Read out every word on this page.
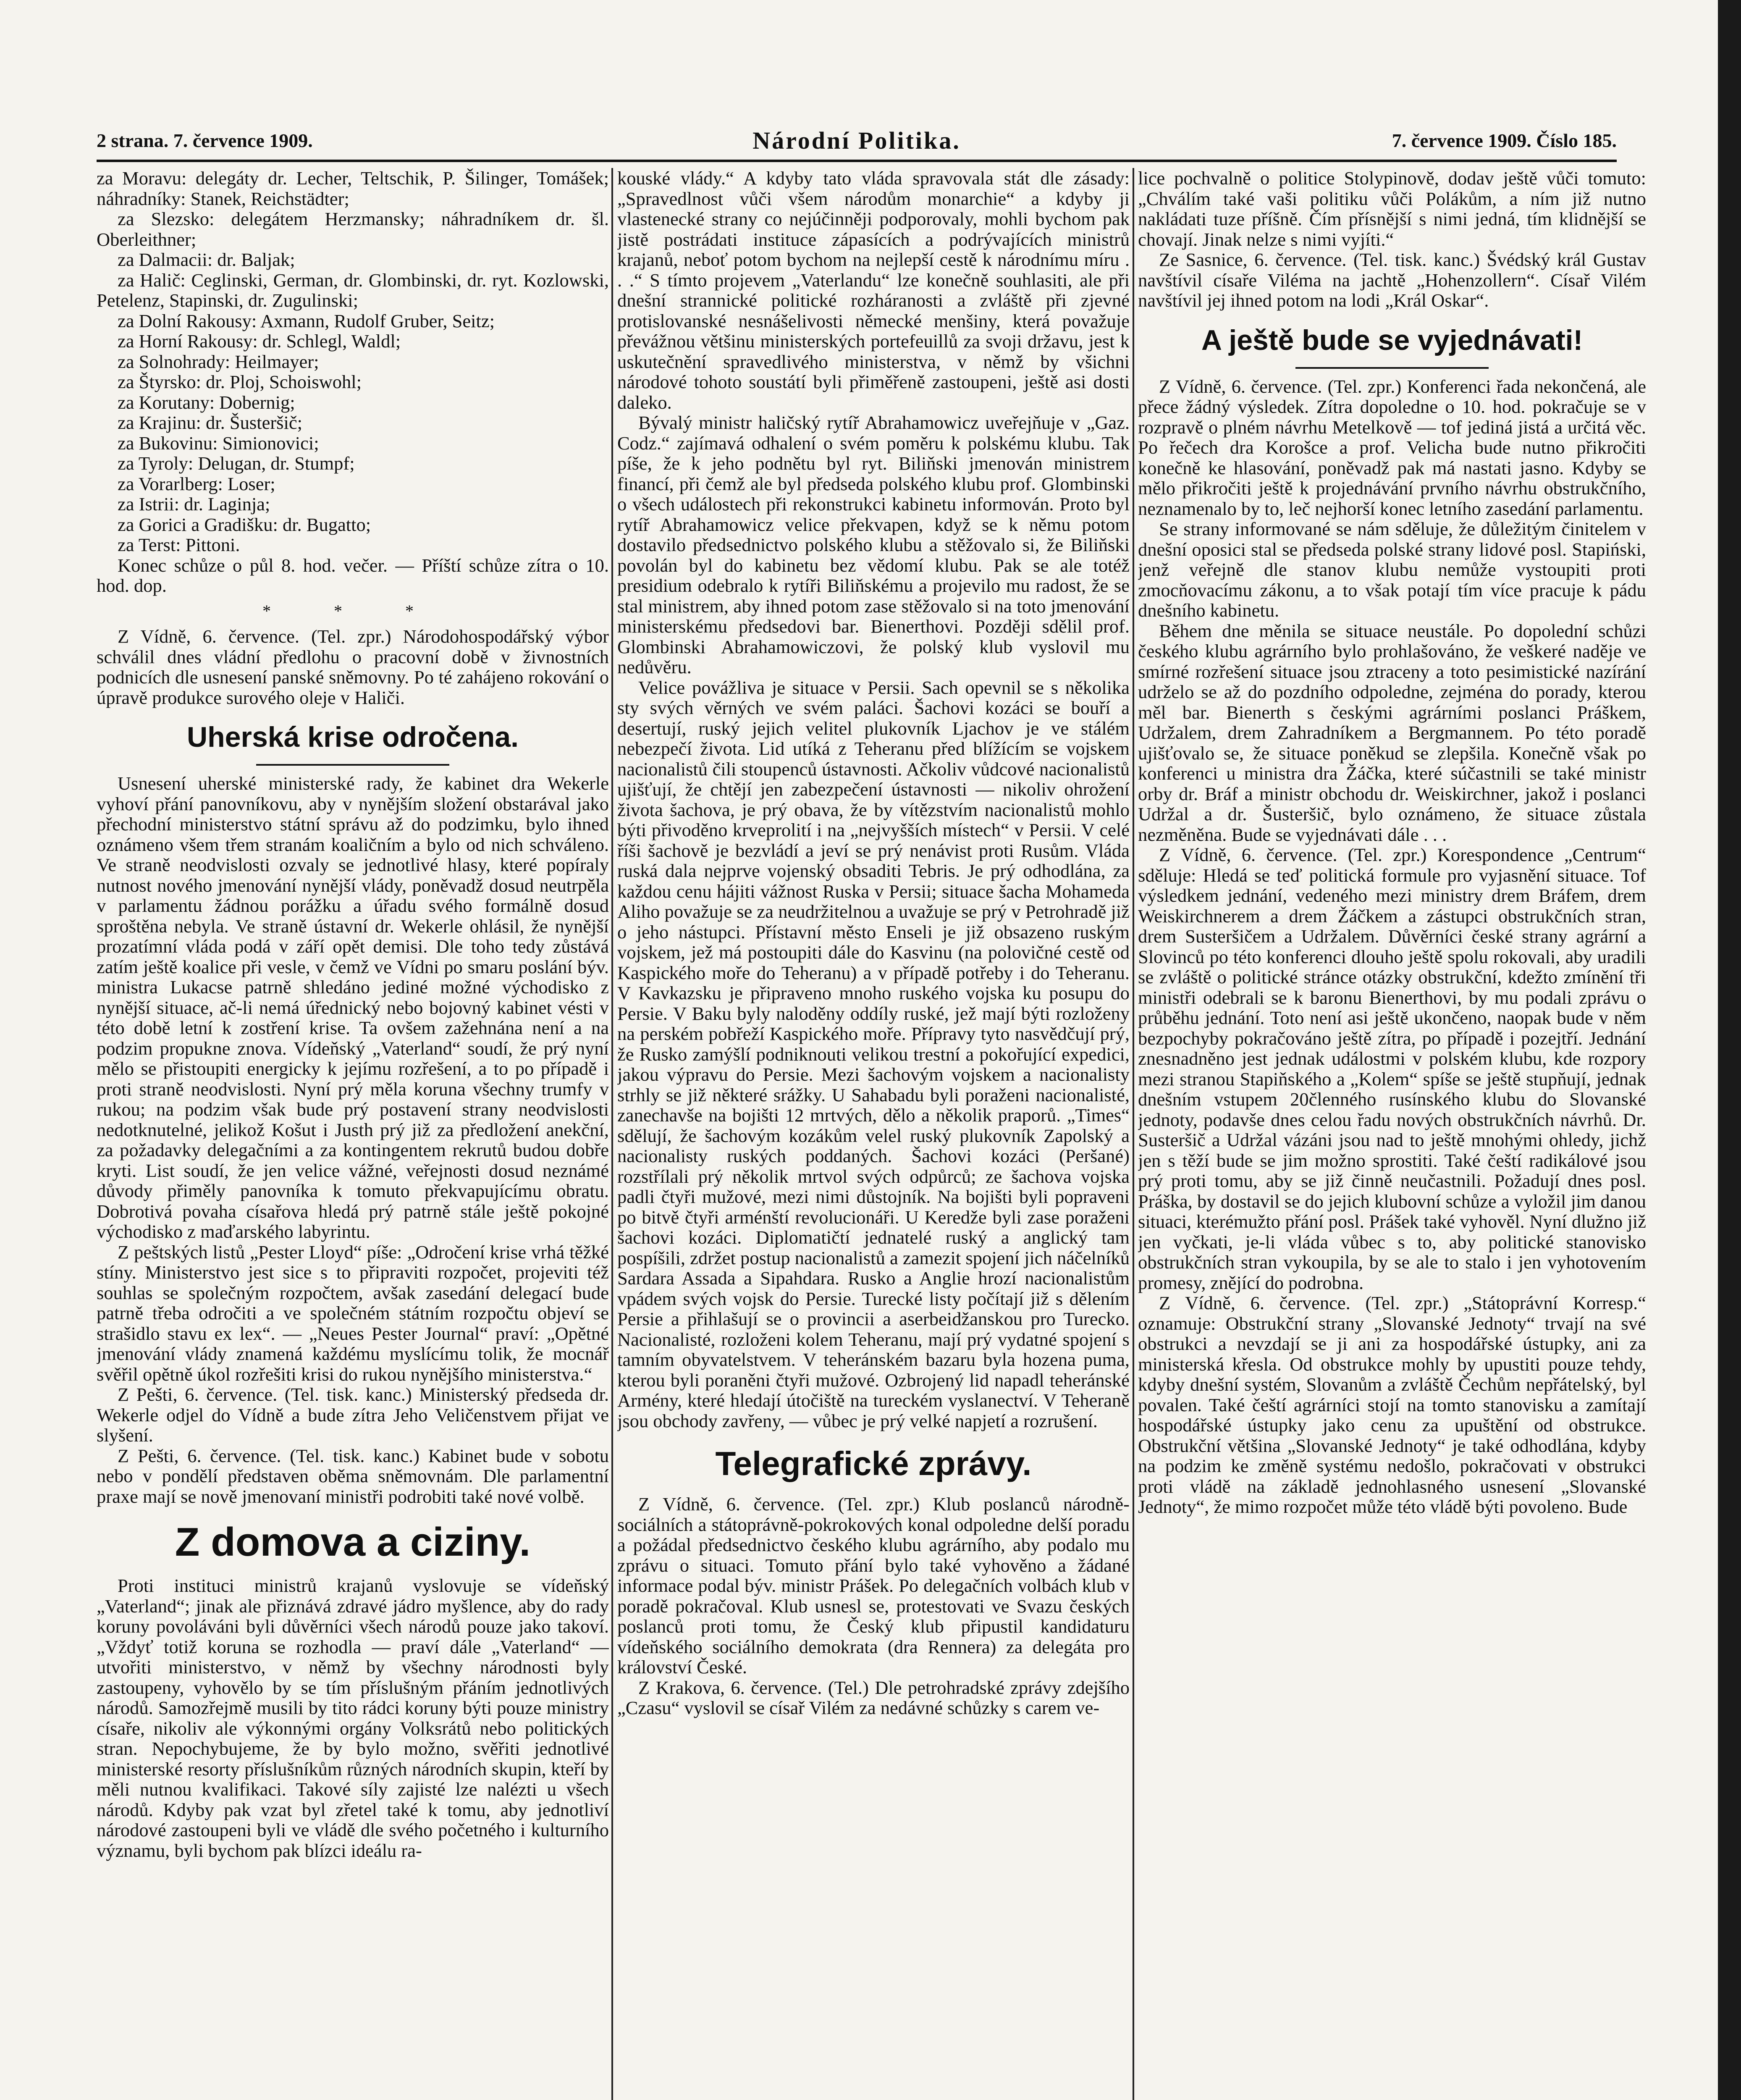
2 strana. 7. července 1909.	Národní Politika.	7. července 1909. Číslo 185.

za Moravu: delegáty dr. Lecher, Teltschik, P. Šilinger, Tomášek; náhradníky: Stanek, Reichstädter;

za Slezsko: delegátem Herzmansky; náhradníkem dr. šl. Oberleithner;

za Dalmacii: dr. Baljak;

za Halič: Ceglinski, German, dr. Glombinski, dr. ryt. Kozlowski, Petelenz, Stapinski, dr. Zugulinski;

za Dolní Rakousy: Axmann, Rudolf Gruber, Seitz;

za Horní Rakousy: dr. Schlegl, Waldl;

za Solnohrady: Heilmayer;

za Štyrsko: dr. Ploj, Schoiswohl;

za Korutany: Dobernig;

za Krajinu: dr. Šusteršič;

za Bukovinu: Simionovici;

za Tyroly: Delugan, dr. Stumpf;

za Vorarlberg: Loser;

za Istrii: dr. Laginja;

za Gorici a Gradišku: dr. Bugatto;

za Terst: Pittoni.

Konec schůze o půl 8. hod. večer. — Příští schůze zítra o 10. hod. dop.

* * *

Z Vídně, 6. července. (Tel. zpr.) Národohospodářský výbor schválil dnes vládní předlohu o pracovní době v živnostních podnicích dle usnesení panské sněmovny. Po té zahájeno rokování o úpravě produkce surového oleje v Haliči.

Uherská krise odročena.

Usnesení uherské ministerské rady, že kabinet dra Wekerle vyhoví přání panovníkovu, aby v nynějším složení obstarával jako přechodní ministerstvo státní správu až do podzimku, bylo ihned oznámeno všem třem stranám koaličním a bylo od nich schváleno. Ve straně neodvislosti ozvaly se jednotlivé hlasy, které popíraly nutnost nového jmenování nynější vlády, poněvadž dosud neutrpěla v parlamentu žádnou porážku a úřadu svého formálně dosud sproštěna nebyla. Ve straně ústavní dr. Wekerle ohlásil, že nynější prozatímní vláda podá v září opět demisi. Dle toho tedy zůstává zatím ještě koalice při vesle, v čemž ve Vídni po smaru poslání býv. ministra Lukacse patrně shledáno jediné možné východisko z nynější situace, ač-li nemá úřednický nebo bojovný kabinet vésti v této době letní k zostření krise. Ta ovšem zažehnána není a na podzim propukne znova. Vídeňský „Vaterland“ soudí, že prý nyní mělo se přistoupiti energicky k jejímu rozřešení, a to po případě i proti straně neodvislosti. Nyní prý měla koruna všechny trumfy v rukou; na podzim však bude prý postavení strany neodvislosti nedotknutelné, jelikož Košut i Justh prý již za předložení anekční, za požadavky delegačními a za kontingentem rekrutů budou dobře kryti. List soudí, že jen velice vážné, veřejnosti dosud neznámé důvody přiměly panovníka k tomuto překvapujícímu obratu. Dobrotivá povaha císařova hledá prý patrně stále ještě pokojné východisko z maďarského labyrintu.

Z peštských listů „Pester Lloyd“ píše: „Odročení krise vrhá těžké stíny. Ministerstvo jest sice s to připraviti rozpočet, projeviti též souhlas se společným rozpočtem, avšak zasedání delegací bude patrně třeba odročiti a ve společném státním rozpočtu objeví se strašidlo stavu ex lex“. — „Neues Pester Journal“ praví: „Opětné jmenování vlády znamená každému myslícímu tolik, že mocnář svěřil opětně úkol rozřešiti krisi do rukou nynějšího ministerstva.“

Z Pešti, 6. července. (Tel. tisk. kanc.) Ministerský předseda dr. Wekerle odjel do Vídně a bude zítra Jeho Veličenstvem přijat ve slyšení.

Z Pešti, 6. července. (Tel. tisk. kanc.) Kabinet bude v sobotu nebo v pondělí představen oběma sněmovnám. Dle parlamentní praxe mají se nově jmenovaní ministři podrobiti také nové volbě.

Z domova a ciziny.

Proti instituci ministrů krajanů vyslovuje se vídeňský „Vaterland“; jinak ale přiznává zdravé jádro myšlence, aby do rady koruny povoláváni byli důvěrníci všech národů pouze jako takoví. „Vždyť totiž koruna se rozhodla — praví dále „Vaterland“ — utvořiti ministerstvo, v němž by všechny národnosti byly zastoupeny, vyhovělo by se tím příslušným přáním jednotlivých národů. Samozřejmě musili by tito rádci koruny býti pouze ministry císaře, nikoliv ale výkonnými orgány Volksrátů nebo politických stran. Nepochybujeme, že by bylo možno, svěřiti jednotlivé ministerské resorty příslušníkům různých národních skupin, kteří by měli nutnou kvalifikaci. Takové síly zajisté lze nalézti u všech národů. Kdyby pak vzat byl zřetel také k tomu, aby jednotliví národové zastoupeni byli ve vládě dle svého početného i kulturního významu, byli bychom pak blízci ideálu ra-

kouské vlády.“ A kdyby tato vláda spravovala stát dle zásady: „Spravedlnost vůči všem národům monarchie“ a kdyby ji vlastenecké strany co nejúčinněji podporovaly, mohli bychom pak jistě postrádati instituce zápasících a podrývajících ministrů krajanů, neboť potom bychom na nejlepší cestě k národnímu míru . . .“ S tímto projevem „Vaterlandu“ lze konečně souhlasiti, ale při dnešní strannické politické rozháranosti a zvláště při zjevné protislovanské nesnášelivosti německé menšiny, která považuje převážnou většinu ministerských portefeuillů za svoji državu, jest k uskutečnění spravedlivého ministerstva, v němž by všichni národové tohoto soustátí byli přiměřeně zastoupeni, ještě asi dosti daleko.

Bývalý ministr haličský rytíř Abrahamowicz uveřejňuje v „Gaz. Codz.“ zajímavá odhalení o svém poměru k polskému klubu. Tak píše, že k jeho podnětu byl ryt. Biliňski jmenován ministrem financí, při čemž ale byl předseda polského klubu prof. Glombinski o všech událostech při rekonstrukci kabinetu informován. Proto byl rytíř Abrahamowicz velice překvapen, když se k němu potom dostavilo předsednictvo polského klubu a stěžovalo si, že Biliňski povolán byl do kabinetu bez vědomí klubu. Pak se ale totéž presidium odebralo k rytíři Biliňskému a projevilo mu radost, že se stal ministrem, aby ihned potom zase stěžovalo si na toto jmenování ministerskému předsedovi bar. Bienerthovi. Později sdělil prof. Glombinski Abrahamowiczovi, že polský klub vyslovil mu nedůvěru.

Velice povážliva je situace v Persii. Sach opevnil se s několika sty svých věrných ve svém paláci. Šachovi kozáci se bouří a desertují, ruský jejich velitel plukovník Ljachov je ve stálém nebezpečí života. Lid utíká z Teheranu před blížícím se vojskem nacionalistů čili stoupenců ústavnosti. Ačkoliv vůdcové nacionalistů ujišťují, že chtějí jen zabezpečení ústavnosti — nikoliv ohrožení života šachova, je prý obava, že by vítězstvím nacionalistů mohlo býti přivoděno krveprolití i na „nejvyšších místech“ v Persii. V celé říši šachově je bezvládí a jeví se prý nenávist proti Rusům. Vláda ruská dala nejprve vojenský obsaditi Tebris. Je prý odhodlána, za každou cenu hájiti vážnost Ruska v Persii; situace šacha Mohameda Aliho považuje se za neudržitelnou a uvažuje se prý v Petrohradě již o jeho nástupci. Přístavní město Enseli je již obsazeno ruským vojskem, jež má postoupiti dále do Kasvinu (na polovičné cestě od Kaspického moře do Teheranu) a v případě potřeby i do Teheranu. V Kavkazsku je připraveno mnoho ruského vojska ku posupu do Persie. V Baku byly naloděny oddíly ruské, jež mají býti rozloženy na perském pobřeží Kaspického moře. Přípravy tyto nasvědčují prý, že Rusko zamýšlí podniknouti velikou trestní a pokořující expedici, jakou výpravu do Persie. Mezi šachovým vojskem a nacionalisty strhly se již některé srážky. U Sahabadu byli poraženi nacionalisté, zanechavše na bojišti 12 mrtvých, dělo a několik praporů. „Times“ sdělují, že šachovým kozákům velel ruský plukovník Zapolský a nacionalisty ruských poddaných. Šachovi kozáci (Peršané) rozstřílali prý několik mrtvol svých odpůrců; ze šachova vojska padli čtyři mužové, mezi nimi důstojník. Na bojišti byli popraveni po bitvě čtyři arménští revolucionáři. U Keredže byli zase poraženi šachovi kozáci. Diplomatičtí jednatelé ruský a anglický tam pospíšili, zdržet postup nacionalistů a zamezit spojení jich náčelníků Sardara Assada a Sipahdara. Rusko a Anglie hrozí nacionalistům vpádem svých vojsk do Persie. Turecké listy počítají již s dělením Persie a přihlašují se o provincii a aserbeidžanskou pro Turecko. Nacionalisté, rozloženi kolem Teheranu, mají prý vydatné spojení s tamním obyvatelstvem. V teheránském bazaru byla hozena puma, kterou byli poraněni čtyři mužové. Ozbrojený lid napadl teheránské Armény, které hledají útočiště na tureckém vyslanectví. V Teheraně jsou obchody zavřeny, — vůbec je prý velké napjetí a rozrušení.

Telegrafické zprávy.

Z Vídně, 6. července. (Tel. zpr.) Klub poslanců národně-sociálních a státoprávně-pokrokových konal odpoledne delší poradu a požádal předsednictvo českého klubu agrárního, aby podalo mu zprávu o situaci. Tomuto přání bylo také vyhověno a žádané informace podal býv. ministr Prášek. Po delegačních volbách klub v poradě pokračoval. Klub usnesl se, protestovati ve Svazu českých poslanců proti tomu, že Český klub připustil kandidaturu vídeňského sociálního demokrata (dra Rennera) za delegáta pro království České.

Z Krakova, 6. července. (Tel.) Dle petrohradské zprávy zdejšího „Czasu“ vyslovil se císař Vilém za nedávné schůzky s carem ve-

lice pochvalně o politice Stolypinově, dodav ještě vůči tomuto: „Chválím také vaši politiku vůči Polákům, a ním již nutno nakládati tuze příšně. Čím přísnější s nimi jedná, tím klidnější se chovají. Jinak nelze s nimi vyjíti.“

Ze Sasnice, 6. července. (Tel. tisk. kanc.) Švédský král Gustav navštívil císaře Viléma na jachtě „Hohenzollern“. Císař Vilém navštívil jej ihned potom na lodi „Král Oskar“.

A ještě bude se vyjednávati!

Z Vídně, 6. července. (Tel. zpr.) Konferenci řada nekončená, ale přece žádný výsledek. Zítra dopoledne o 10. hod. pokračuje se v rozpravě o plném návrhu Metelkově — tof jediná jistá a určitá věc. Po řečech dra Korošce a prof. Velicha bude nutno přikročiti konečně ke hlasování, poněvadž pak má nastati jasno. Kdyby se mělo přikročiti ještě k projednávání prvního návrhu obstrukčního, neznamenalo by to, leč nejhorší konec letního zasedání parlamentu.

Se strany informované se nám sděluje, že důležitým činitelem v dnešní oposici stal se předseda polské strany lidové posl. Stapiński, jenž veřejně dle stanov klubu nemůže vystoupiti proti zmocňovacímu zákonu, a to však potají tím více pracuje k pádu dnešního kabinetu.

Během dne měnila se situace neustále. Po dopolední schůzi českého klubu agrárního bylo prohlašováno, že veškeré naděje ve smírné rozřešení situace jsou ztraceny a toto pesimistické nazírání udrželo se až do pozdního odpoledne, zejména do porady, kterou měl bar. Bienerth s českými agrárními poslanci Práškem, Udržalem, drem Zahradníkem a Bergmannem. Po této poradě ujišťovalo se, že situace poněkud se zlepšila. Konečně však po konferenci u ministra dra Žáčka, které súčastnili se také ministr orby dr. Bráf a ministr obchodu dr. Weiskirchner, jakož i poslanci Udržal a dr. Šusteršič, bylo oznámeno, že situace zůstala nezměněna. Bude se vyjednávati dále . . .

Z Vídně, 6. července. (Tel. zpr.) Korespondence „Centrum“ sděluje: Hledá se teď politická formule pro vyjasnění situace. Tof výsledkem jednání, vedeného mezi ministry drem Bráfem, drem Weiskirchnerem a drem Žáčkem a zástupci obstrukčních stran, drem Susteršičem a Udržalem. Důvěrníci české strany agrární a Slovinců po této konferenci dlouho ještě spolu rokovali, aby uradili se zvláště o politické stránce otázky obstrukční, kdežto zmínění tři ministři odebrali se k baronu Bienerthovi, by mu podali zprávu o průběhu jednání. Toto není asi ještě ukončeno, naopak bude v něm bezpochyby pokračováno ještě zítra, po případě i pozejtří. Jednání znesnadněno jest jednak událostmi v polském klubu, kde rozpory mezi stranou Stapiňského a „Kolem“ spíše se ještě stupňují, jednak dnešním vstupem 20členného rusínského klubu do Slovanské jednoty, podavše dnes celou řadu nových obstrukčních návrhů. Dr. Susteršič a Udržal vázáni jsou nad to ještě mnohými ohledy, jichž jen s těží bude se jim možno sprostiti. Také čeští radikálové jsou prý proti tomu, aby se již činně neučastnili. Požadují dnes posl. Práška, by dostavil se do jejich klubovní schůze a vyložil jim danou situaci, kterémužto přání posl. Prášek také vyhověl. Nyní dlužno již jen vyčkati, je-li vláda vůbec s to, aby politické stanovisko obstrukčních stran vykoupila, by se ale to stalo i jen vyhotovením promesy, znějící do podrobna.

Z Vídně, 6. července. (Tel. zpr.) „Státoprávní Korresp.“ oznamuje: Obstrukční strany „Slovanské Jednoty“ trvají na své obstrukci a nevzdají se ji ani za hospodářské ústupky, ani za ministerská křesla. Od obstrukce mohly by upustiti pouze tehdy, kdyby dnešní systém, Slovanům a zvláště Čechům nepřátelský, byl povalen. Také čeští agrárníci stojí na tomto stanovisku a zamítají hospodářské ústupky jako cenu za upuštění od obstrukce. Obstrukční většina „Slovanské Jednoty“ je také odhodlána, kdyby na podzim ke změně systému nedošlo, pokračovati v obstrukci proti vládě na základě jednohlasného usnesení „Slovanské Jednoty“, že mimo rozpočet může této vládě býti povoleno. Bude
